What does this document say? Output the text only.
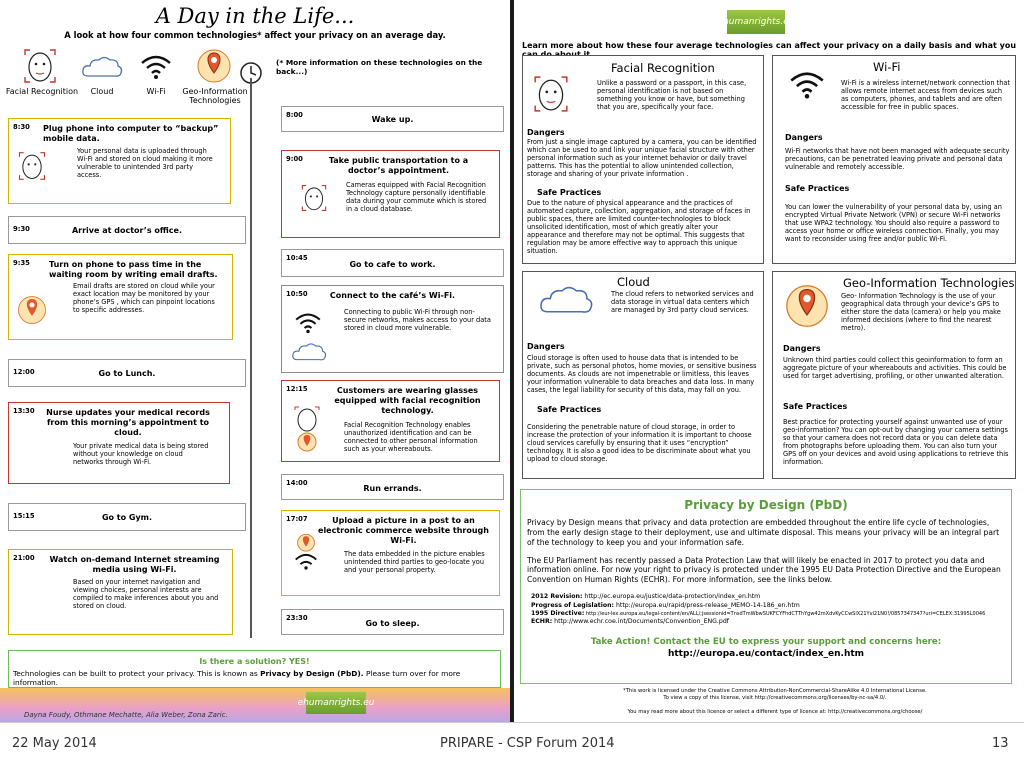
A Day in the Life...
A look at how four common technologies* affect your privacy on an average day.
Facial Recognition	Cloud	Wi-Fi	Geo-Information Technologies
(* More information on these technologies on the back...)
8:30 Plug phone into computer to “backup” mobile data.
Your personal data is uploaded through Wi-Fi and stored on cloud making it more vulnerable to unintended 3rd party access.
9:30	Arrive at doctor’s office.
9:35 Turn on phone to pass time in the waiting room by writing email drafts.
Email drafts are stored on cloud while your exact location may be monitored by your phone’s GPS , which can pinpoint locations to specific addresses.
12:00	Go to Lunch.
13:30	Nurse updates your medical records from this morning’s appointment to cloud.
Your private medical data is being stored without your knowledge on cloud networks through Wi-Fi.
15:15	Go to Gym.
21:00	Watch on-demand Internet streaming media using Wi-Fi.
Based on your internet navigation and viewing choices, personal interests are compiled to make inferences about you and stored on cloud.
8:00	Wake up.
9:00	Take public transportation to a doctor’s appointment.
Cameras equipped with Facial Recognition Technology capture personally identifiable data during your commute which is stored in a cloud database.
10:45
Go to cafe to work.
10:50	Connect to the café’s Wi-Fi.
Connecting to public Wi-Fi through non-secure networks, makes access to your data stored in cloud more vulnerable.
12:15	Customers are wearing glasses equipped with facial recognition technology.
Facial Recognition Technology enables unauthorized identification and can be connected to other personal information such as your whereabouts.
14:00
Run errands.
17:07	Upload a picture in a post to an electronic commerce website through Wi-Fi.
The data embedded in the picture enables unintended third parties to geo-locate you and your personal property.
23:30
Go to sleep.
Is there a solution? YES!
Technologies can be built to protect your privacy. This is known as Privacy by Design (PbD). Please turn over for more information.
Dayna Foudy, Othmane Mechatte, Alia Weber, Zona Zaric.
ehumanrights.eu
ehumanrights.eu
Learn more about how these four average technologies can affect your privacy on a daily basis and what you
Facial Recognition
Unlike a password or a passport, in this case, personal identification is not based on something you know or have, but something that you are, specifically your face.
Dangers
From just a single image captured by a camera, you can be identified which can be used to and link your unique facial structure with other personal information such as your internet behavior or daily travel patterns. This has the potential to allow unintended collection, storage and sharing of your private information .
Safe Practices
Due to the nature of physical appearance and the practices of automated capture, collection, aggregation, and storage of faces in public spaces, there are limited counter-technologies to block unsolicited identification, most of which greatly alter your appearance and therefore may not be optimal. This suggests that regulation may be amore effective way to approach this unique situation.
Wi-Fi
Wi-Fi is a wireless internet/network connection that allows remote internet access from devices such as computers, phones, and tablets and are often accessible for free in public spaces.
Dangers
Wi-Fi networks that have not been managed with adequate security precautions, can be penetrated leaving private and personal data vulnerable and remotely accessible.
Safe Practices
You can lower the vulnerability of your personal data by, using an encrypted Virtual Private Network (VPN) or secure Wi-Fi networks that use WPA2 technology. You should also require a password to access your home or office wireless connection. Finally, you may want to reconsider using free and/or public Wi-Fi.
Cloud
The cloud refers to networked services and data storage in virtual data centers which are managed by 3rd party cloud services.
Dangers
Cloud storage is often used to house data that is intended to be private, such as personal photos, home movies, or sensitive business documents. As clouds are not impenetrable or limitless, this leaves your information vulnerable to data breaches and data loss. In many cases, the legal liability for security of this data, may fall on you.
Safe Practices
Considering the penetrable nature of cloud storage, in order to increase the protection of your information it is important to choose cloud services carefully by ensuring that it uses “encryption” technology. It is also a good idea to be discriminate about what you upload to cloud storage.
Geo-Information Technologies
Geo- Information Technology is the use of your geographical data through your device’s GPS to either store the data (camera) or help you make informed decisions (where to find the nearest metro).
Dangers
Unknown third parties could collect this geoinformation to form an aggregate picture of your whereabouts and activities. This could be used for target advertising, profiling, or other unwanted alteration.
Safe Practices
Best practice for protecting yourself against unwanted use of your geo-information? You can opt-out by changing your camera settings so that your camera does not record data or you can delete data from photographs before uploading them. You can also turn your GPS off on your devices and avoid using applications to retrieve this information.
Privacy by Design (PbD)
Privacy by Design means that privacy and data protection are embedded throughout the entire life cycle of technologies, from the early design stage to their deployment, use and ultimate disposal. This means your privacy will be an integral part of the technology to keep you and your information safe.
The EU Parliament has recently passed a Data Protection Law that will likely be enacted in 2017 to protect you data and information online. For now your right to privacy is protected under the 1995 EU Data Protection Directive and the European Convention on Human Rights (ECHR). For more information, see the links below.
2012 Revision: http://ec.europa.eu/justice/data-protection/index_en.htm
Progress of Legislation: http://europa.eu/rapid/press-release_MEMO-14-186_en.htm
1995 Directive: http://eur-lex.europa.eu/legal-content/en/ALL/;jsessionid=TnsdTmWbwSUKFCYFhdCTThYgw42mXdvKyCCwSlX21Yvl21N0!/0857347347?uri=CELEX:31995L0046
ECHR: http://www.echr.coe.int/Documents/Convention_ENG.pdf
Take Action! Contact the EU to express your support and concerns here:
http://europa.eu/contact/index_en.htm
*This work is licensed under the Creative Commons Attribution-NonCommercial-ShareAlike 4.0 International License.
To view a copy of this license, visit http://creativecommons.org/licenses/by-nc-sa/4.0/.
You may read more about this licence or select a different type of licence at: http://creativecommons.org/choose/
22 May 2014	PRIPARE - CSP Forum 2014	13
